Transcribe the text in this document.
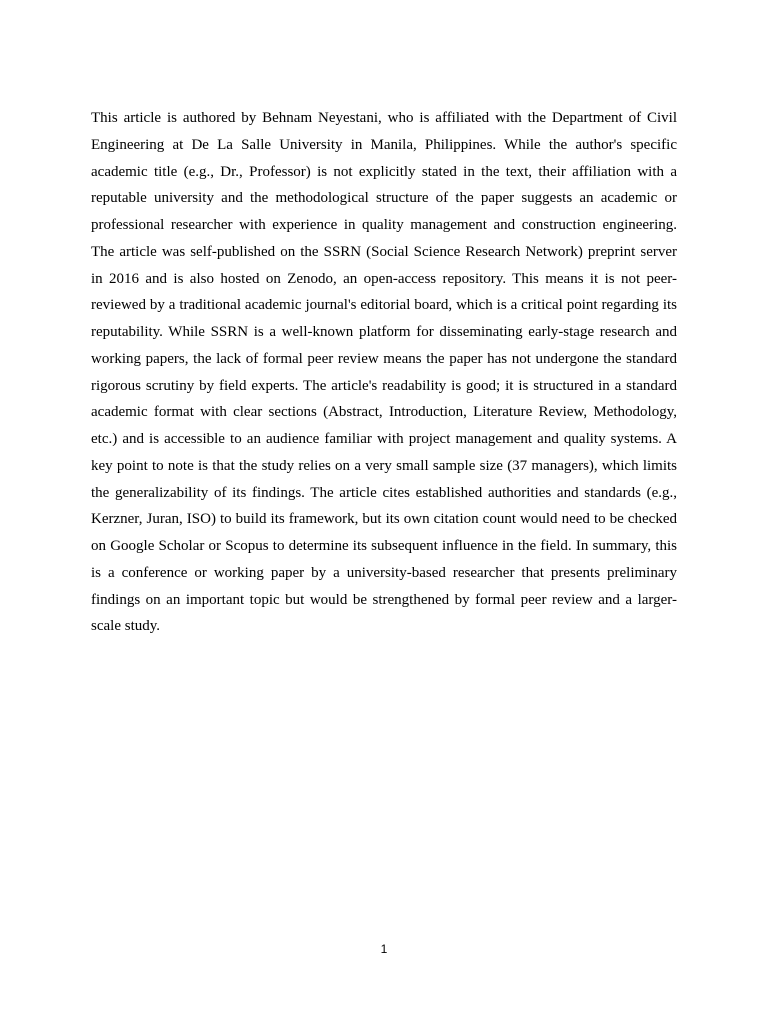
This article is authored by Behnam Neyestani, who is affiliated with the Department of Civil Engineering at De La Salle University in Manila, Philippines. While the author's specific academic title (e.g., Dr., Professor) is not explicitly stated in the text, their affiliation with a reputable university and the methodological structure of the paper suggests an academic or professional researcher with experience in quality management and construction engineering. The article was self-published on the SSRN (Social Science Research Network) preprint server in 2016 and is also hosted on Zenodo, an open-access repository. This means it is not peer-reviewed by a traditional academic journal's editorial board, which is a critical point regarding its reputability. While SSRN is a well-known platform for disseminating early-stage research and working papers, the lack of formal peer review means the paper has not undergone the standard rigorous scrutiny by field experts. The article's readability is good; it is structured in a standard academic format with clear sections (Abstract, Introduction, Literature Review, Methodology, etc.) and is accessible to an audience familiar with project management and quality systems. A key point to note is that the study relies on a very small sample size (37 managers), which limits the generalizability of its findings. The article cites established authorities and standards (e.g., Kerzner, Juran, ISO) to build its framework, but its own citation count would need to be checked on Google Scholar or Scopus to determine its subsequent influence in the field. In summary, this is a conference or working paper by a university-based researcher that presents preliminary findings on an important topic but would be strengthened by formal peer review and a larger-scale study.

1
